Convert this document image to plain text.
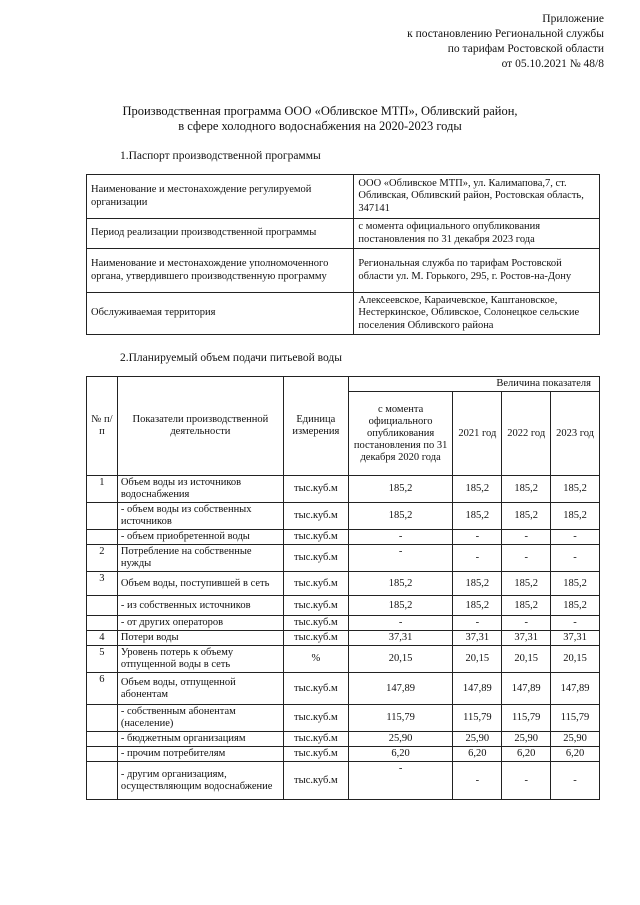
Приложение
к постановлению Региональной службы
по тарифам Ростовской области
от 05.10.2021 № 48/8
Производственная программа ООО «Обливское МТП», Обливский район,
в сфере холодного водоснабжения на 2020-2023 годы
1.Паспорт производственной программы
Наименование и местонахождение регулируемой организации	ООО «Обливское МТП», ул. Калимапова,7, ст. Обливская, Обливский район, Ростовская область, 347141
Период реализации производственной программы	с момента официального опубликования постановления по 31 декабря 2023 года
Наименование и местонахождение уполномоченного органа, утвердившего производственную программу	Региональная служба по тарифам Ростовской области ул. М. Горького, 295, г. Ростов-на-Дону
Обслуживаемая территория	Алексеевское, Караичевское, Каштановское, Нестеркинское, Обливское, Солонецкое сельские поселения Обливского района
2.Планируемый объем подачи питьевой воды
№ п/п	Показатели производственной деятельности	Единица измерения	Величина показателя			
			с момента официального опубликования постановления по 31 декабря 2020 года	2021 год	2022 год	2023 год
1	Объем воды из источников водоснабжения	тыс.куб.м	185,2	185,2	185,2	185,2
	- объем воды из собственных источников	тыс.куб.м	185,2	185,2	185,2	185,2
	- объем приобретенной воды	тыс.куб.м	-	-	-	-
2	Потребление на собственные нужды	тыс.куб.м	-	-	-	-
3	Объем воды, поступившей в сеть	тыс.куб.м	185,2	185,2	185,2	185,2
	- из собственных источников	тыс.куб.м	185,2	185,2	185,2	185,2
	- от других операторов	тыс.куб.м	-	-	-	-
4	Потери воды	тыс.куб.м	37,31	37,31	37,31	37,31
5	Уровень потерь к объему отпущенной воды в сеть	%	20,15	20,15	20,15	20,15
6	Объем воды, отпущенной абонентам	тыс.куб.м	147,89	147,89	147,89	147,89
	- собственным абонентам (население)	тыс.куб.м	115,79	115,79	115,79	115,79
	- бюджетным организациям	тыс.куб.м	25,90	25,90	25,90	25,90
	- прочим потребителям	тыс.куб.м	6,20	6,20	6,20	6,20
	- другим организациям, осуществляющим водоснабжение	тыс.куб.м	-	-	-	-
